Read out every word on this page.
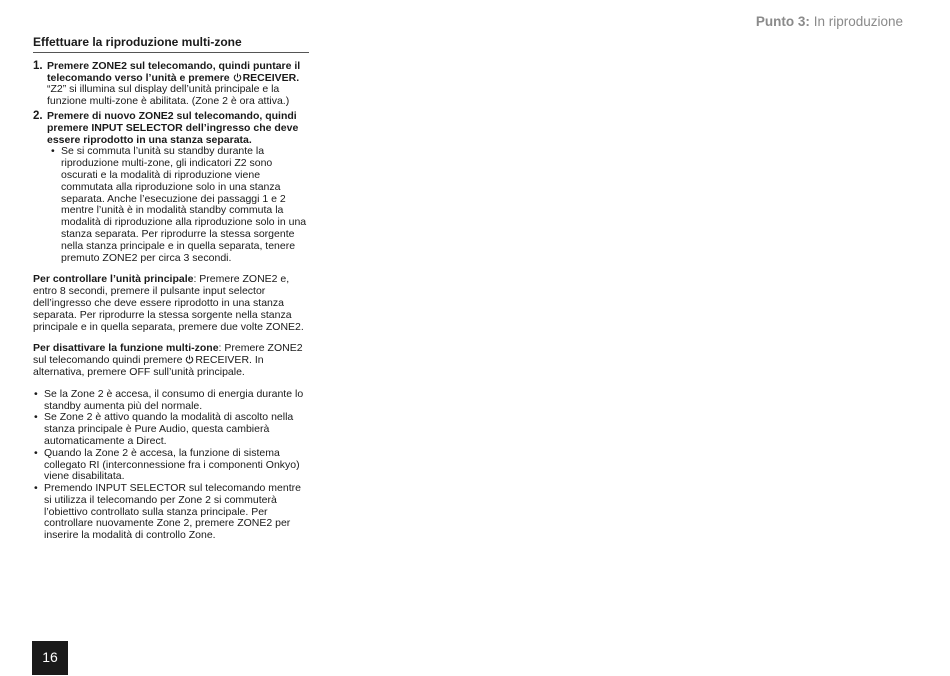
Punto 3: In riproduzione
Effettuare la riproduzione multi-zone
1. Premere ZONE2 sul telecomando, quindi puntare il telecomando verso l’unità e premere RECEIVER.
“Z2” si illumina sul display dell’unità principale e la funzione multi-zone è abilitata. (Zone 2 è ora attiva.)
2. Premere di nuovo ZONE2 sul telecomando, quindi premere INPUT SELECTOR dell’ingresso che deve essere riprodotto in una stanza separata.
• Se si commuta l’unità su standby durante la riproduzione multi-zone, gli indicatori Z2 sono oscurati e la modalità di riproduzione viene commutata alla riproduzione solo in una stanza separata. Anche l’esecuzione dei passaggi 1 e 2 mentre l’unità è in modalità standby commuta la modalità di riproduzione alla riproduzione solo in una stanza separata. Per riprodurre la stessa sorgente nella stanza principale e in quella separata, tenere premuto ZONE2 per circa 3 secondi.
Per controllare l’unità principale: Premere ZONE2 e, entro 8 secondi, premere il pulsante input selector dell’ingresso che deve essere riprodotto in una stanza separata. Per riprodurre la stessa sorgente nella stanza principale e in quella separata, premere due volte ZONE2.
Per disattivare la funzione multi-zone: Premere ZONE2 sul telecomando quindi premere RECEIVER. In alternativa, premere OFF sull’unità principale.
• Se la Zone 2 è accesa, il consumo di energia durante lo standby aumenta più del normale.
• Se Zone 2 è attivo quando la modalità di ascolto nella stanza principale è Pure Audio, questa cambierà automaticamente a Direct.
• Quando la Zone 2 è accesa, la funzione di sistema collegato RI (interconnessione fra i componenti Onkyo) viene disabilitata.
• Premendo INPUT SELECTOR sul telecomando mentre si utilizza il telecomando per Zone 2 si commuterà l’obiettivo controllato sulla stanza principale. Per controllare nuovamente Zone 2, premere ZONE2 per inserire la modalità di controllo Zone.
16
